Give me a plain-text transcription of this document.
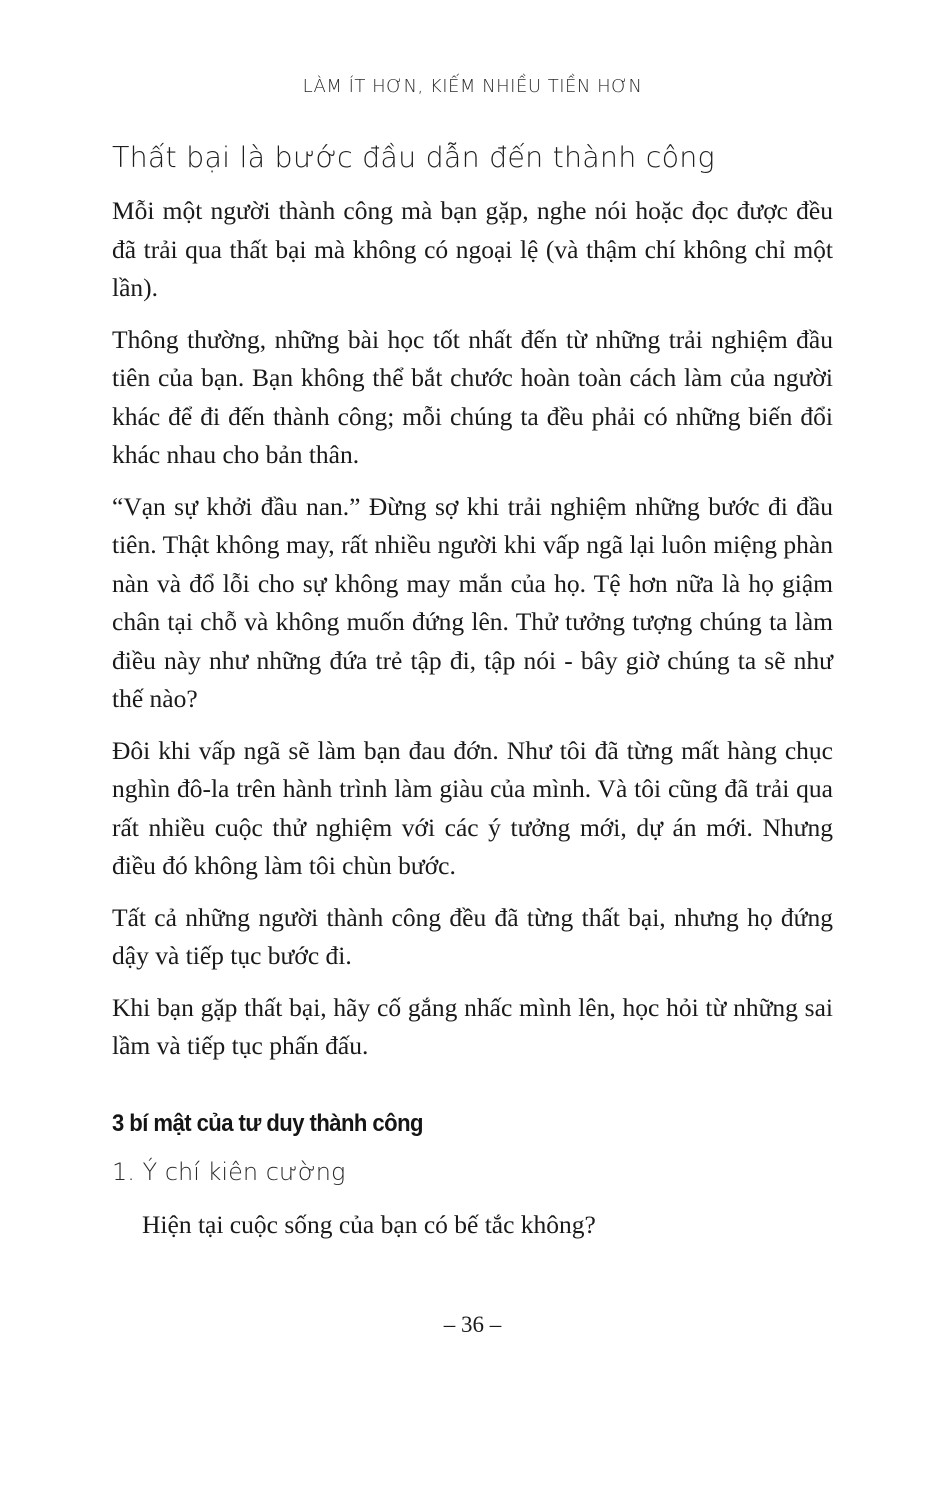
LÀM ÍT HƠN, KIẾM NHIỀU TIỀN HƠN
Thất bại là bước đầu dẫn đến thành công

Mỗi một người thành công mà bạn gặp, nghe nói hoặc đọc được đều đã trải qua thất bại mà không có ngoại lệ (và thậm chí không chỉ một lần).

Thông thường, những bài học tốt nhất đến từ những trải nghiệm đầu tiên của bạn. Bạn không thể bắt chước hoàn toàn cách làm của người khác để đi đến thành công; mỗi chúng ta đều phải có những biến đổi khác nhau cho bản thân.

“Vạn sự khởi đầu nan.” Đừng sợ khi trải nghiệm những bước đi đầu tiên. Thật không may, rất nhiều người khi vấp ngã lại luôn miệng phàn nàn và đổ lỗi cho sự không may mắn của họ. Tệ hơn nữa là họ giậm chân tại chỗ và không muốn đứng lên. Thử tưởng tượng chúng ta làm điều này như những đứa trẻ tập đi, tập nói - bây giờ chúng ta sẽ như thế nào?

Đôi khi vấp ngã sẽ làm bạn đau đớn. Như tôi đã từng mất hàng chục nghìn đô-la trên hành trình làm giàu của mình. Và tôi cũng đã trải qua rất nhiều cuộc thử nghiệm với các ý tưởng mới, dự án mới. Nhưng điều đó không làm tôi chùn bước.

Tất cả những người thành công đều đã từng thất bại, nhưng họ đứng dậy và tiếp tục bước đi.

Khi bạn gặp thất bại, hãy cố gắng nhấc mình lên, học hỏi từ những sai lầm và tiếp tục phấn đấu.

3 bí mật của tư duy thành công
1. Ý chí kiên cường

Hiện tại cuộc sống của bạn có bế tắc không?

– 36 –
